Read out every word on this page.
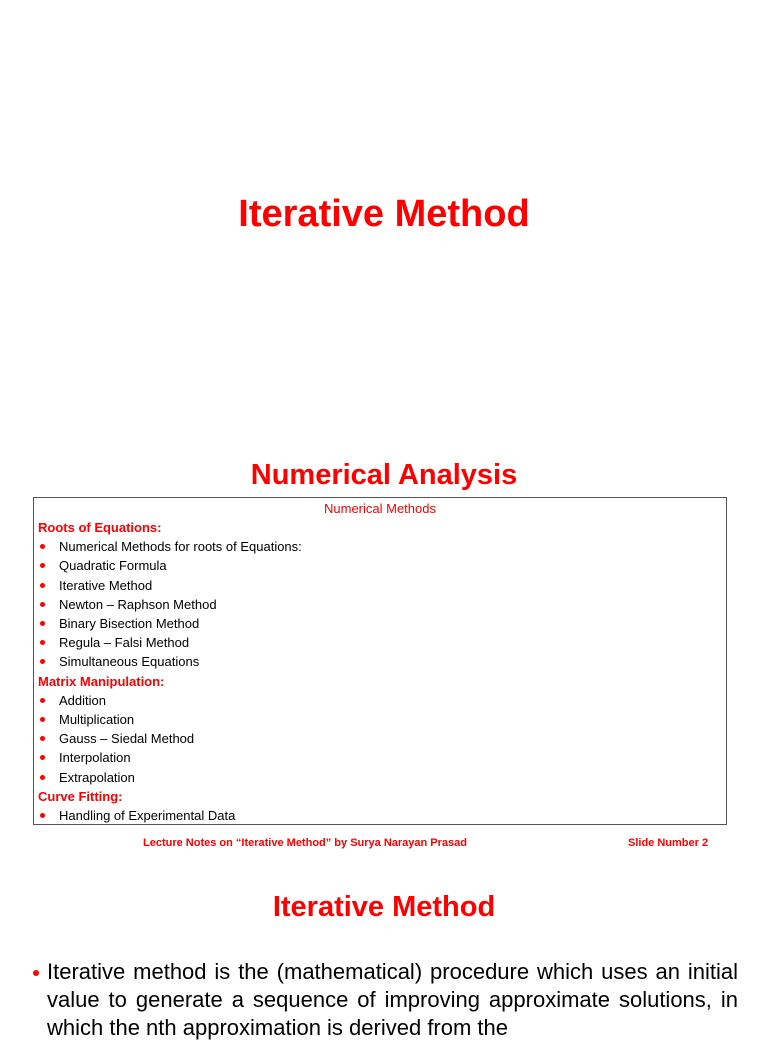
Iterative Method
Numerical Analysis
Numerical Methods
Roots of Equations:
Numerical Methods for roots of Equations:
Quadratic Formula
Iterative Method
Newton – Raphson Method
Binary Bisection Method
Regula – Falsi Method
Simultaneous Equations
Matrix Manipulation:
Addition
Multiplication
Gauss – Siedal Method
Interpolation
Extrapolation
Curve Fitting:
Handling of Experimental Data
Lecture Notes on “Iterative Method” by Surya Narayan Prasad	Slide Number 2
Iterative Method
Iterative method is the (mathematical) procedure which uses an initial value to generate a sequence of improving approximate solutions, in which the nth approximation is derived from the
